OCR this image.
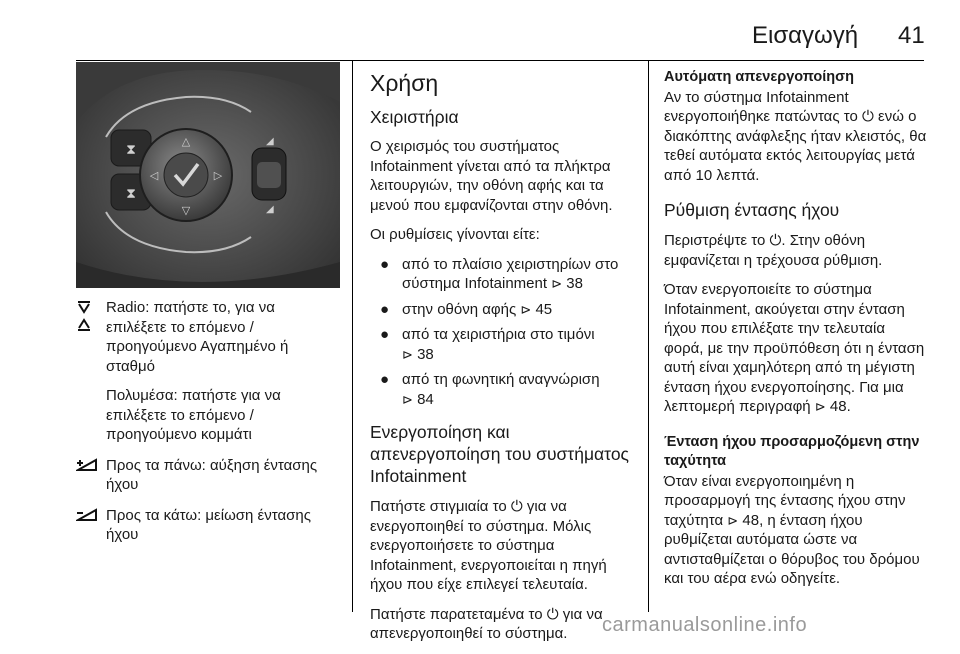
Εισαγωγή 41
⧗
⧗
△
▽
◁	▷
◢
◢
Radio: πατήστε το, για να επιλέξετε το επόμενο / προηγούμενο Αγαπημένο ή σταθμό
Πολυμέσα: πατήστε για να επιλέξετε το επόμενο / προηγούμενο κομμάτι
Προς τα πάνω: αύξηση έντασης ήχου
Προς τα κάτω: μείωση έντασης ήχου
Χρήση
Χειριστήρια
Ο χειρισμός του συστήματος Infotainment γίνεται από τα πλήκτρα λειτουργιών, την οθόνη αφής και τα μενού που εμφανίζονται στην οθόνη.
Οι ρυθμίσεις γίνονται είτε:
● από το πλαίσιο χειριστηρίων στο σύστημα Infotainment ⊳ 38
● στην οθόνη αφής ⊳ 45
● από τα χειριστήρια στο τιμόνι
⊳ 38
● από τη φωνητική αναγνώριση
⊳ 84
Ενεργοποίηση και απενεργοποίηση του συστήματος Infotainment
Πατήστε στιγμιαία το ⏻ για να ενεργοποιηθεί το σύστημα. Μόλις ενεργοποιήσετε το σύστημα Infotainment, ενεργοποιείται η πηγή ήχου που είχε επιλεγεί τελευταία.
Πατήστε παρατεταμένα το ⏻ για να απενεργοποιηθεί το σύστημα.
Αυτόματη απενεργοποίηση
Αν το σύστημα Infotainment ενεργοποιήθηκε πατώντας το ⏻ ενώ ο διακόπτης ανάφλεξης ήταν κλειστός, θα τεθεί αυτόματα εκτός λειτουργίας μετά από 10 λεπτά.
Ρύθμιση έντασης ήχου
Περιστρέψτε το ⏻. Στην οθόνη εμφανίζεται η τρέχουσα ρύθμιση.
Όταν ενεργοποιείτε το σύστημα Infotainment, ακούγεται στην ένταση ήχου που επιλέξατε την τελευταία φορά, με την προϋπόθεση ότι η ένταση αυτή είναι χαμηλότερη από τη μέγιστη ένταση ήχου ενεργοποίησης. Για μια λεπτομερή περιγραφή ⊳ 48.
Ένταση ήχου προσαρμοζόμενη στην ταχύτητα
Όταν είναι ενεργοποιημένη η προσαρμογή της έντασης ήχου στην ταχύτητα ⊳ 48, η ένταση ήχου ρυθμίζεται αυτόματα ώστε να αντισταθμίζεται ο θόρυβος του δρόμου και του αέρα ενώ οδηγείτε.
carmanualsonline.info
